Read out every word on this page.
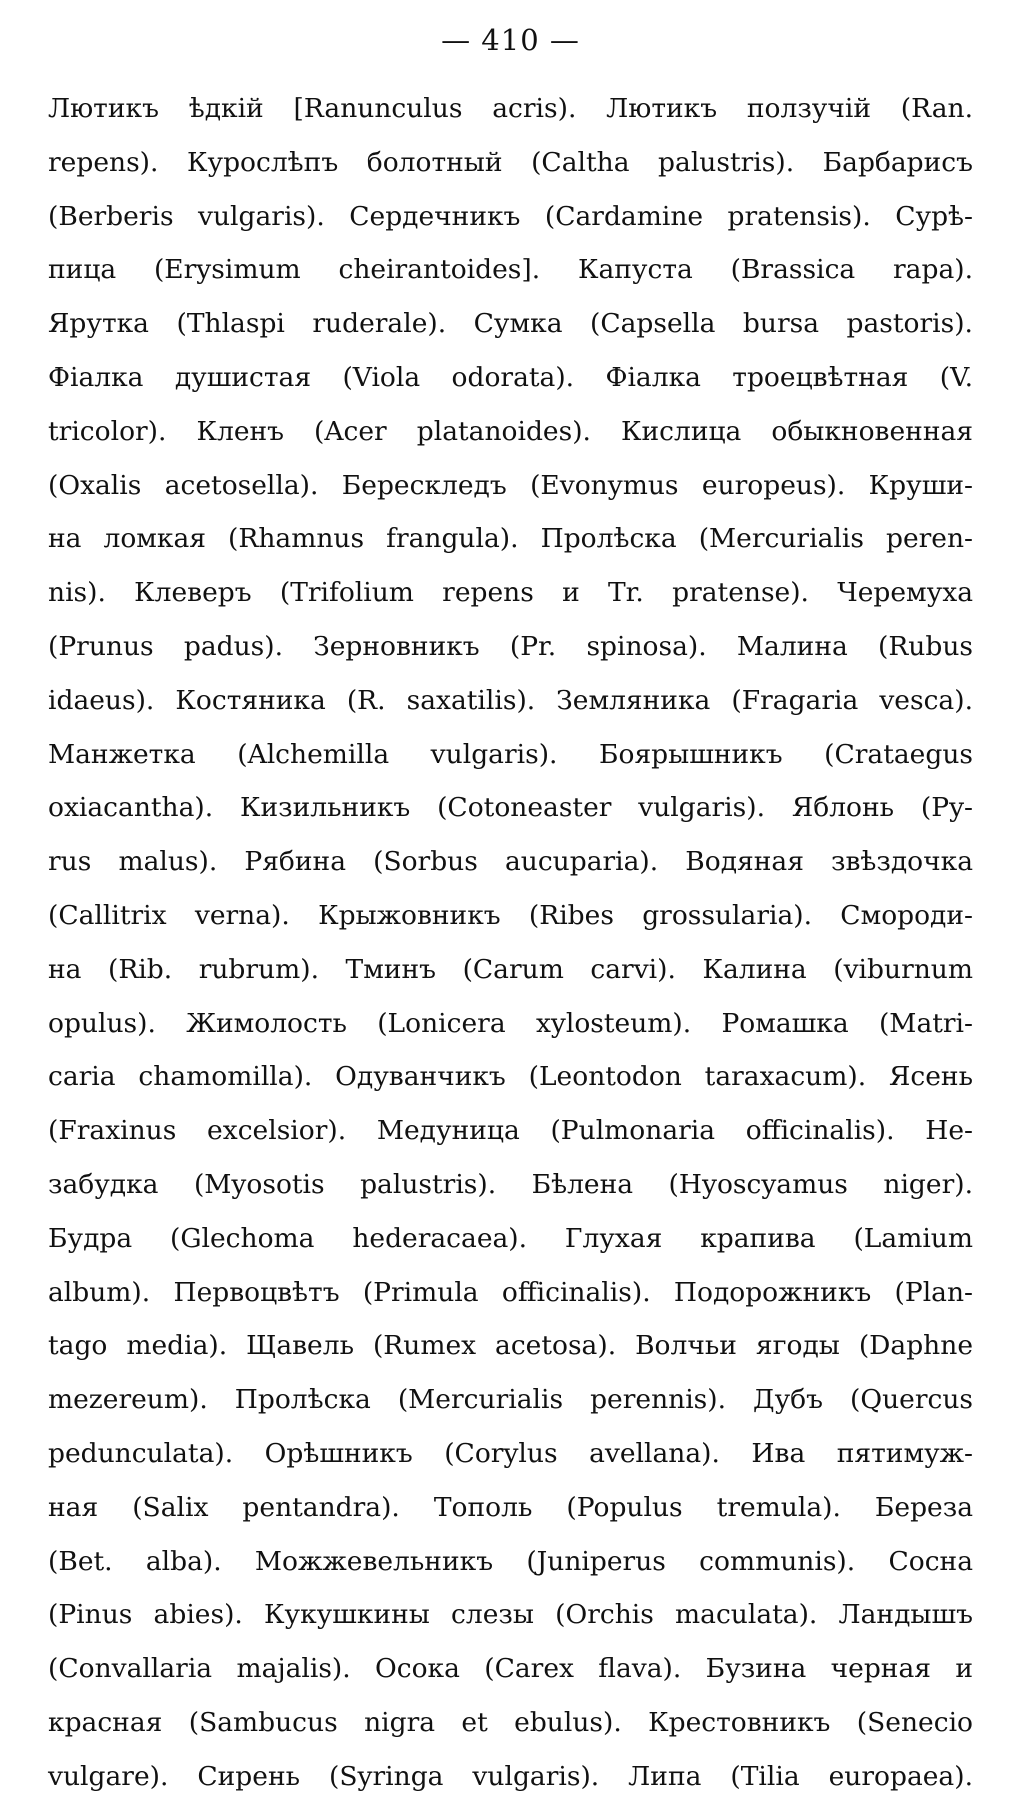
— 410 —
Лютикъ ѣдкій [Ranunculus acris). Лютикъ ползучій (Ran.
repens). Курослѣпъ болотный (Caltha palustris). Барбарисъ
(Berberis vulgaris). Сердечникъ (Cardamine pratensis). Сурѣ-
пица (Erysimum cheirantoides]. Капуста (Brassica rapa).
Ярутка (Thlaspi ruderale). Сумка (Capsella bursa pastoris).
Фіалка душистая (Viola odorata). Фіалка троецвѣтная (V.
tricolor). Кленъ (Acer platanoides). Кислица обыкновенная
(Oxalis acetosella). Берескледъ (Evonymus europeus). Круши-
на ломкая (Rhamnus frangula). Пролѣска (Mercurialis peren-
nis). Клеверъ (Trifolium repens и Tr. pratense). Черемуха
(Prunus padus). Зерновникъ (Pr. spinosa). Малина (Rubus
idaeus). Костяника (R. saxatilis). Земляника (Fragaria vesca).
Манжетка (Alchemilla vulgaris). Боярышникъ (Crataegus
oxiacantha). Кизильникъ (Cotoneaster vulgaris). Яблонь (Py-
rus malus). Рябина (Sorbus aucuparia). Водяная звѣздочка
(Callitrix verna). Крыжовникъ (Ribes grossularia). Смороди-
на (Rib. rubrum). Тминъ (Carum carvi). Калина (viburnum
opulus). Жимолость (Lonicera xylosteum). Ромашка (Matri-
caria chamomilla). Одуванчикъ (Leontodon taraxacum). Ясень
(Fraxinus excelsior). Медуница (Pulmonaria officinalis). Не-
забудка (Myosotis palustris). Бѣлена (Hyoscyamus niger).
Будра (Glechoma hederacaea). Глухая крапива (Lamium
album). Первоцвѣтъ (Primula officinalis). Подорожникъ (Plan-
tago media). Щавель (Rumex acetosa). Волчьи ягоды (Daphne
mezereum). Пролѣска (Mercurialis perennis). Дубъ (Quercus
pedunculata). Орѣшникъ (Corylus avellana). Ива пятимуж-
ная (Salix pentandra). Тополь (Populus tremula). Береза
(Bet. alba). Можжевельникъ (Juniperus communis). Сосна
(Pinus abies). Кукушкины слезы (Orchis maculata). Ландышъ
(Convallaria majalis). Осока (Carex flava). Бузина черная и
красная (Sambucus nigra et ebulus). Крестовникъ (Senecio
vulgare). Сирень (Syringa vulgaris). Липа (Tilia europaea).
